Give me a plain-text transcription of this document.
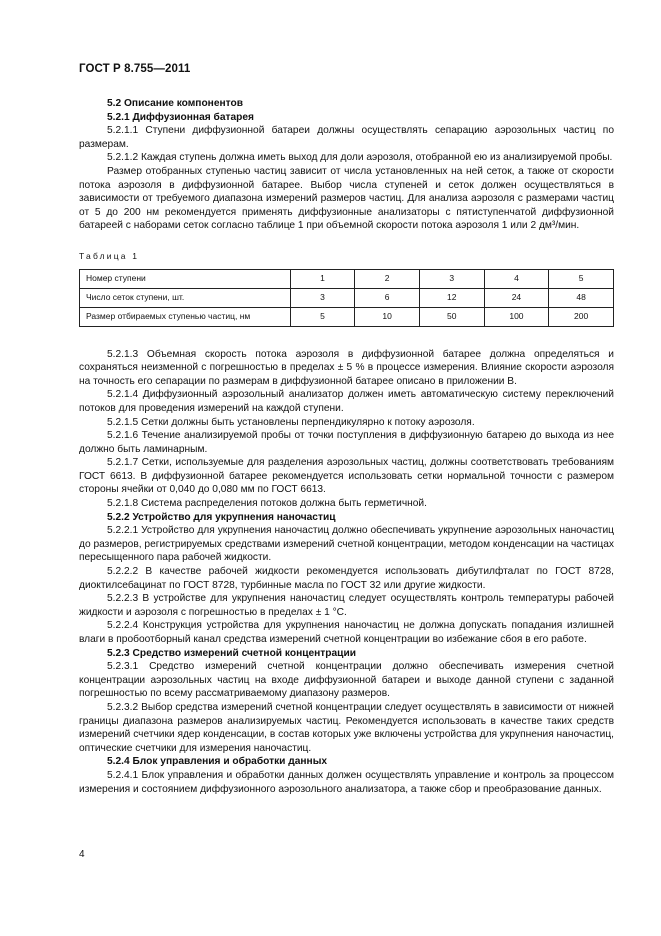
ГОСТ Р 8.755—2011

5.2 Описание компонентов

5.2.1 Диффузионная батарея

5.2.1.1 Ступени диффузионной батареи должны осуществлять сепарацию аэрозольных частиц по размерам.

5.2.1.2 Каждая ступень должна иметь выход для доли аэрозоля, отобранной ею из анализируемой пробы.

Размер отобранных ступенью частиц зависит от числа установленных на ней сеток, а также от скорости потока аэрозоля в диффузионной батарее. Выбор числа ступеней и сеток должен осуществляться в зависимости от требуемого диапазона измерений размеров частиц. Для анализа аэрозоля с размерами частиц от 5 до 200 нм рекомендуется применять диффузионные анализаторы с пятиступенчатой диффузионной батареей с наборами сеток согласно таблице 1 при объемной скорости потока аэрозоля 1 или 2 дм³/мин.

Таблица 1
Номер ступени	1	2	3	4	5
Число сеток ступени, шт.	3	6	12	24	48
Размер отбираемых ступенью частиц, нм	5	10	50	100	200

5.2.1.3 Объемная скорость потока аэрозоля в диффузионной батарее должна определяться и сохраняться неизменной с погрешностью в пределах ± 5 % в процессе измерения. Влияние скорости аэрозоля на точность его сепарации по размерам в диффузионной батарее описано в приложении В.

5.2.1.4 Диффузионный аэрозольный анализатор должен иметь автоматическую систему переключений потоков для проведения измерений на каждой ступени.

5.2.1.5 Сетки должны быть установлены перпендикулярно к потоку аэрозоля.

5.2.1.6 Течение анализируемой пробы от точки поступления в диффузионную батарею до выхода из нее должно быть ламинарным.

5.2.1.7 Сетки, используемые для разделения аэрозольных частиц, должны соответствовать требованиям ГОСТ 6613. В диффузионной батарее рекомендуется использовать сетки нормальной точности с размером стороны ячейки от 0,040 до 0,080 мм по ГОСТ 6613.

5.2.1.8 Система распределения потоков должна быть герметичной.

5.2.2 Устройство для укрупнения наночастиц

5.2.2.1 Устройство для укрупнения наночастиц должно обеспечивать укрупнение аэрозольных наночастиц до размеров, регистрируемых средствами измерений счетной концентрации, методом конденсации на частицах пересыщенного пара рабочей жидкости.

5.2.2.2 В качестве рабочей жидкости рекомендуется использовать дибутилфталат по ГОСТ 8728, диоктилсебацинат по ГОСТ 8728, турбинные масла по ГОСТ 32 или другие жидкости.

5.2.2.3 В устройстве для укрупнения наночастиц следует осуществлять контроль температуры рабочей жидкости и аэрозоля с погрешностью в пределах ± 1 °С.

5.2.2.4 Конструкция устройства для укрупнения наночастиц не должна допускать попадания излишней влаги в пробоотборный канал средства измерений счетной концентрации во избежание сбоя в его работе.

5.2.3 Средство измерений счетной концентрации

5.2.3.1 Средство измерений счетной концентрации должно обеспечивать измерения счетной концентрации аэрозольных частиц на входе диффузионной батареи и выходе данной ступени с заданной погрешностью по всему рассматриваемому диапазону размеров.

5.2.3.2 Выбор средства измерений счетной концентрации следует осуществлять в зависимости от нижней границы диапазона размеров анализируемых частиц. Рекомендуется использовать в качестве таких средств измерений счетчики ядер конденсации, в состав которых уже включены устройства для укрупнения наночастиц, оптические счетчики для измерения наночастиц.

5.2.4 Блок управления и обработки данных

5.2.4.1 Блок управления и обработки данных должен осуществлять управление и контроль за процессом измерения и состоянием диффузионного аэрозольного анализатора, а также сбор и преобразование данных.

4
